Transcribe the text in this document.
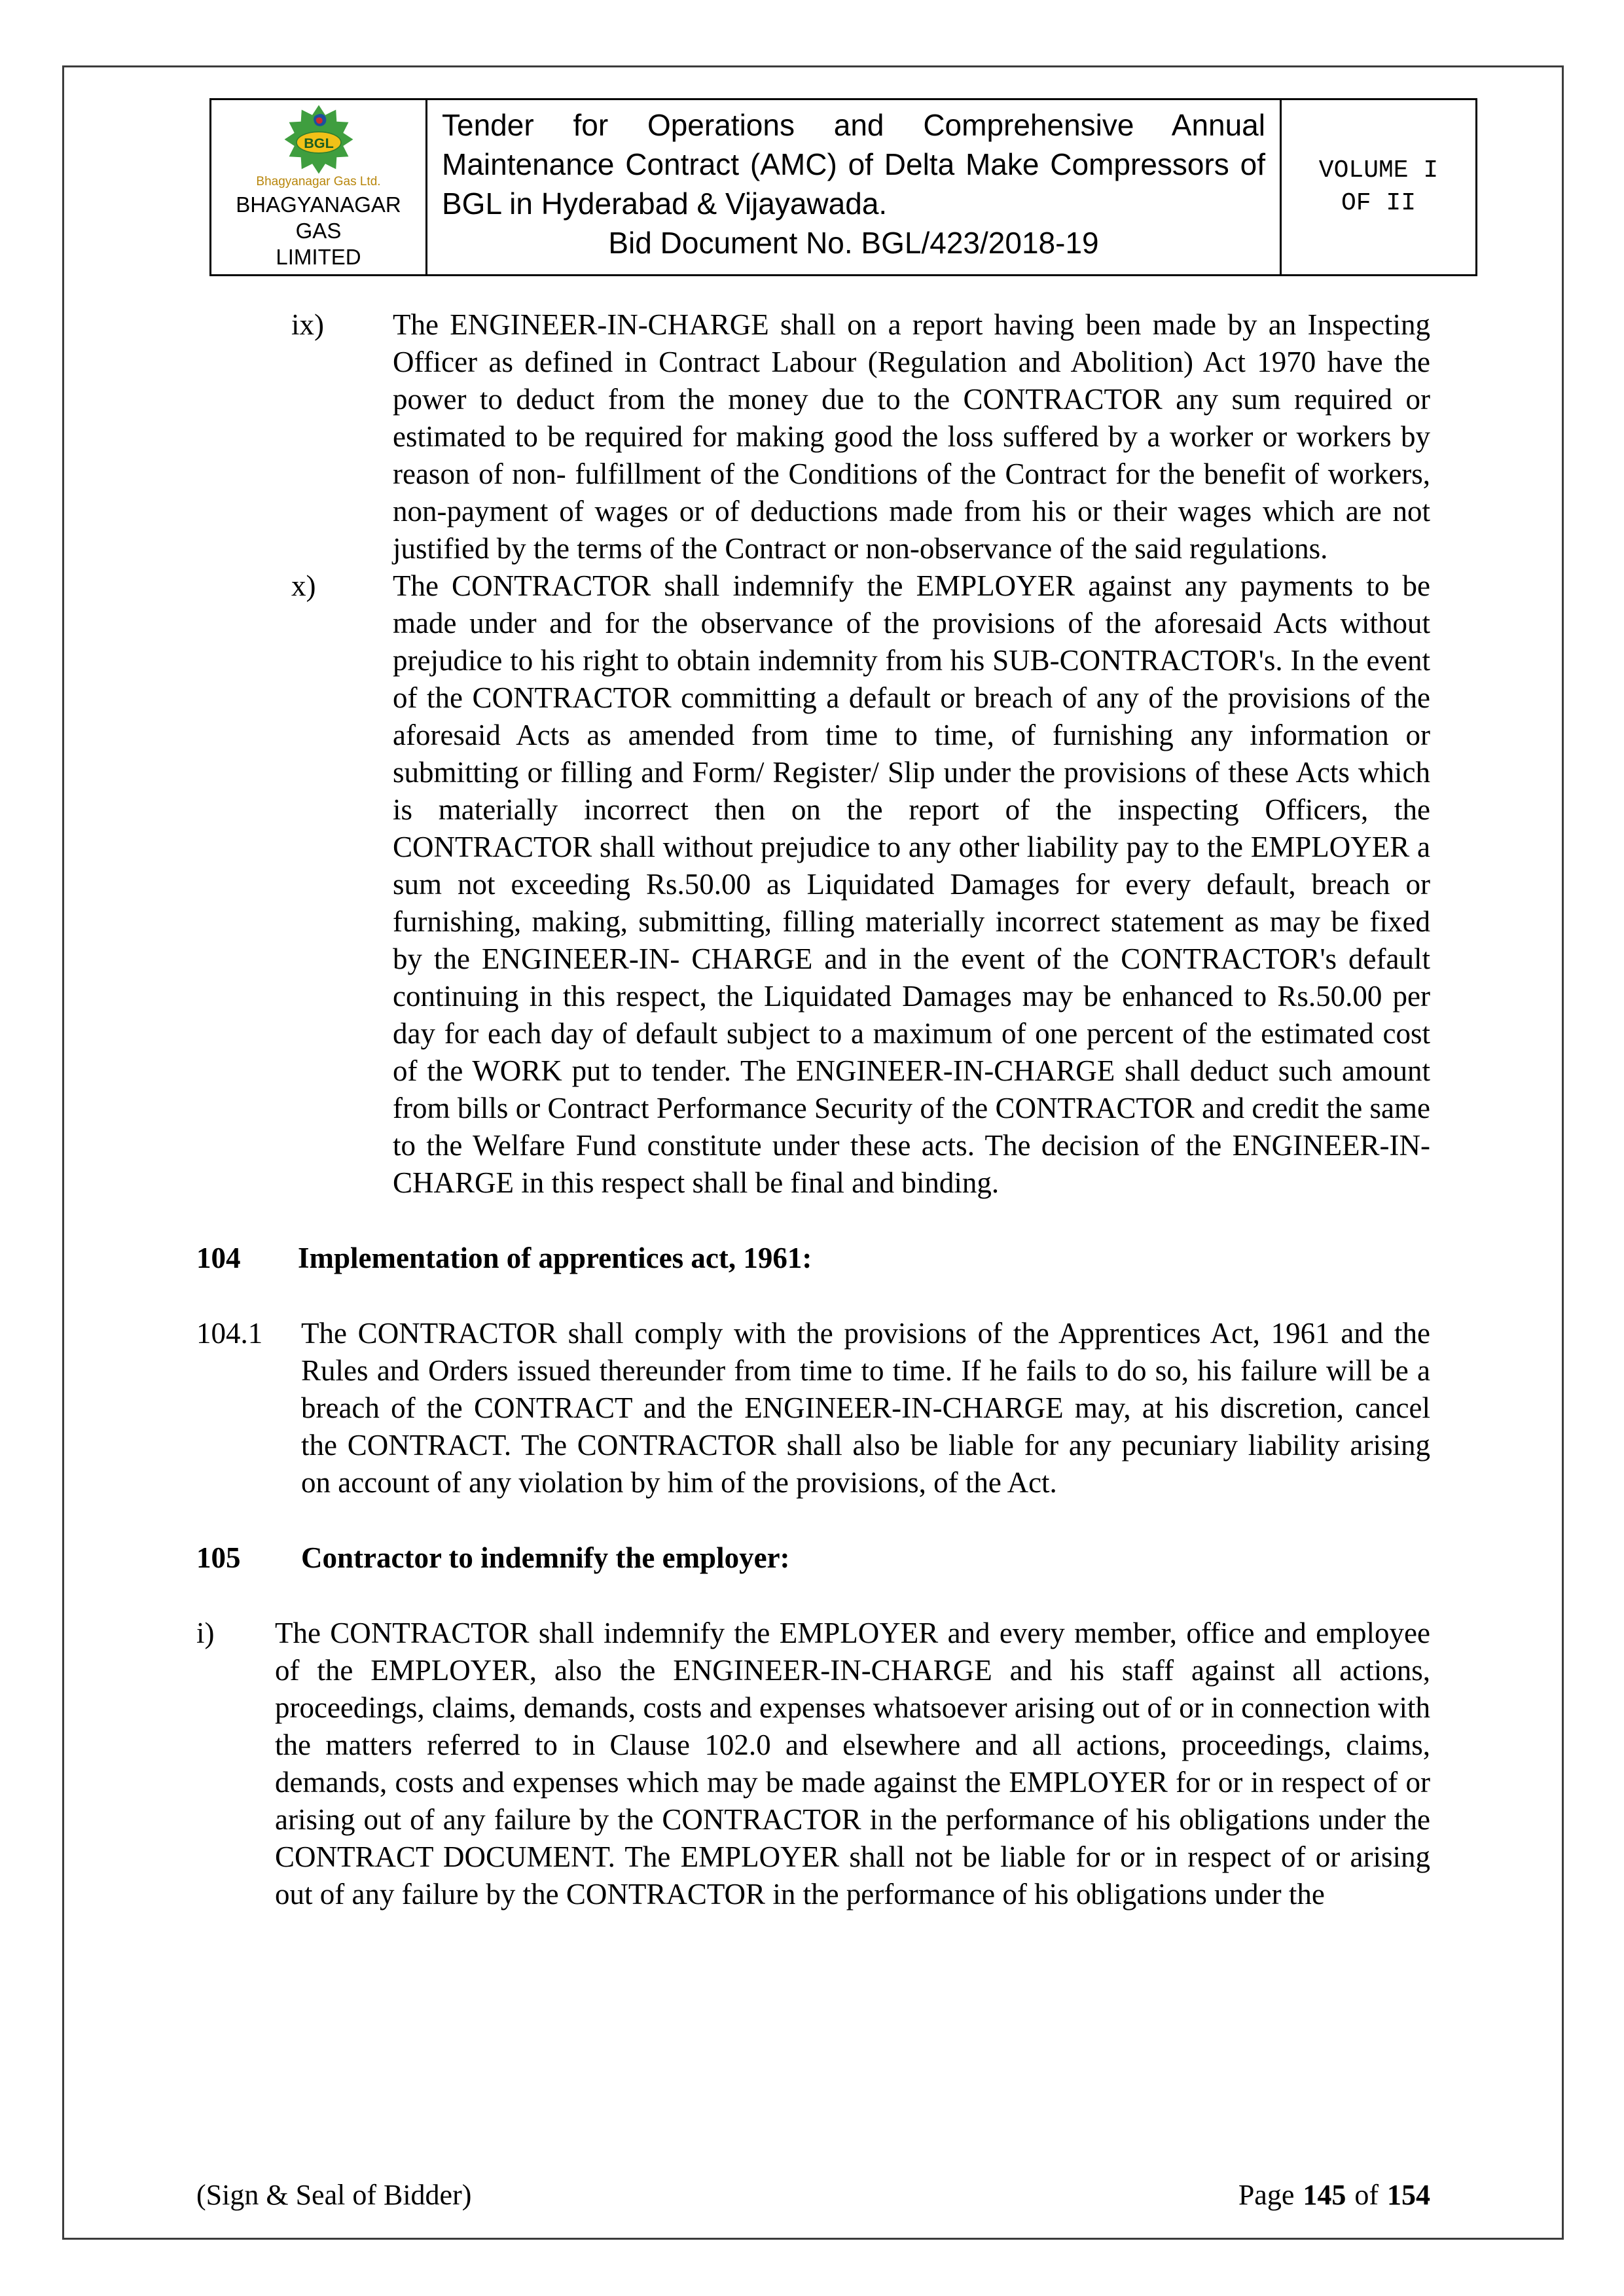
BGL
Bhagyanagar Gas Ltd.
BHAGYANAGAR GAS
LIMITED
Tender for Operations and Comprehensive Annual Maintenance Contract (AMC) of Delta Make Compressors of BGL in Hyderabad & Vijayawada.
Bid Document No. BGL/423/2018-19
VOLUME I
OF II
ix)	The ENGINEER-IN-CHARGE shall on a report having been made by an Inspecting Officer as defined in Contract Labour (Regulation and Abolition) Act 1970 have the power to deduct from the money due to the CONTRACTOR any sum required or estimated to be required for making good the loss suffered by a worker or workers by reason of non- fulfillment of the Conditions of the Contract for the benefit of workers, non-payment of wages or of deductions made from his or their wages which are not justified by the terms of the Contract or non-observance of the said regulations.
x)	The CONTRACTOR shall indemnify the EMPLOYER against any payments to be made under and for the observance of the provisions of the aforesaid Acts without prejudice to his right to obtain indemnity from his SUB-CONTRACTOR's. In the event of the CONTRACTOR committing a default or breach of any of the provisions of the aforesaid Acts as amended from time to time, of furnishing any information or submitting or filling and Form/ Register/ Slip under the provisions of these Acts which is materially incorrect then on the report of the inspecting Officers, the CONTRACTOR shall without prejudice to any other liability pay to the EMPLOYER a sum not exceeding Rs.50.00 as Liquidated Damages for every default, breach or furnishing, making, submitting, filling materially incorrect statement as may be fixed by the ENGINEER-IN- CHARGE and in the event of the CONTRACTOR's default continuing in this respect, the Liquidated Damages may be enhanced to Rs.50.00 per day for each day of default subject to a maximum of one percent of the estimated cost of the WORK put to tender. The ENGINEER-IN-CHARGE shall deduct such amount from bills or Contract Performance Security of the CONTRACTOR and credit the same to the Welfare Fund constitute under these acts. The decision of the ENGINEER-IN-CHARGE in this respect shall be final and binding.
104	Implementation of apprentices act, 1961:
104.1	The CONTRACTOR shall comply with the provisions of the Apprentices Act, 1961 and the Rules and Orders issued thereunder from time to time. If he fails to do so, his failure will be a breach of the CONTRACT and the ENGINEER-IN-CHARGE may, at his discretion, cancel the CONTRACT. The CONTRACTOR shall also be liable for any pecuniary liability arising on account of any violation by him of the provisions, of the Act.
105	Contractor to indemnify the employer:
i)	The CONTRACTOR shall indemnify the EMPLOYER and every member, office and employee of the EMPLOYER, also the ENGINEER-IN-CHARGE and his staff against all actions, proceedings, claims, demands, costs and expenses whatsoever arising out of or in connection with the matters referred to in Clause 102.0 and elsewhere and all actions, proceedings, claims, demands, costs and expenses which may be made against the EMPLOYER for or in respect of or arising out of any failure by the CONTRACTOR in the performance of his obligations under the CONTRACT DOCUMENT. The EMPLOYER shall not be liable for or in respect of or arising out of any failure by the CONTRACTOR in the performance of his obligations under the
(Sign & Seal of Bidder)	Page 145 of 154
